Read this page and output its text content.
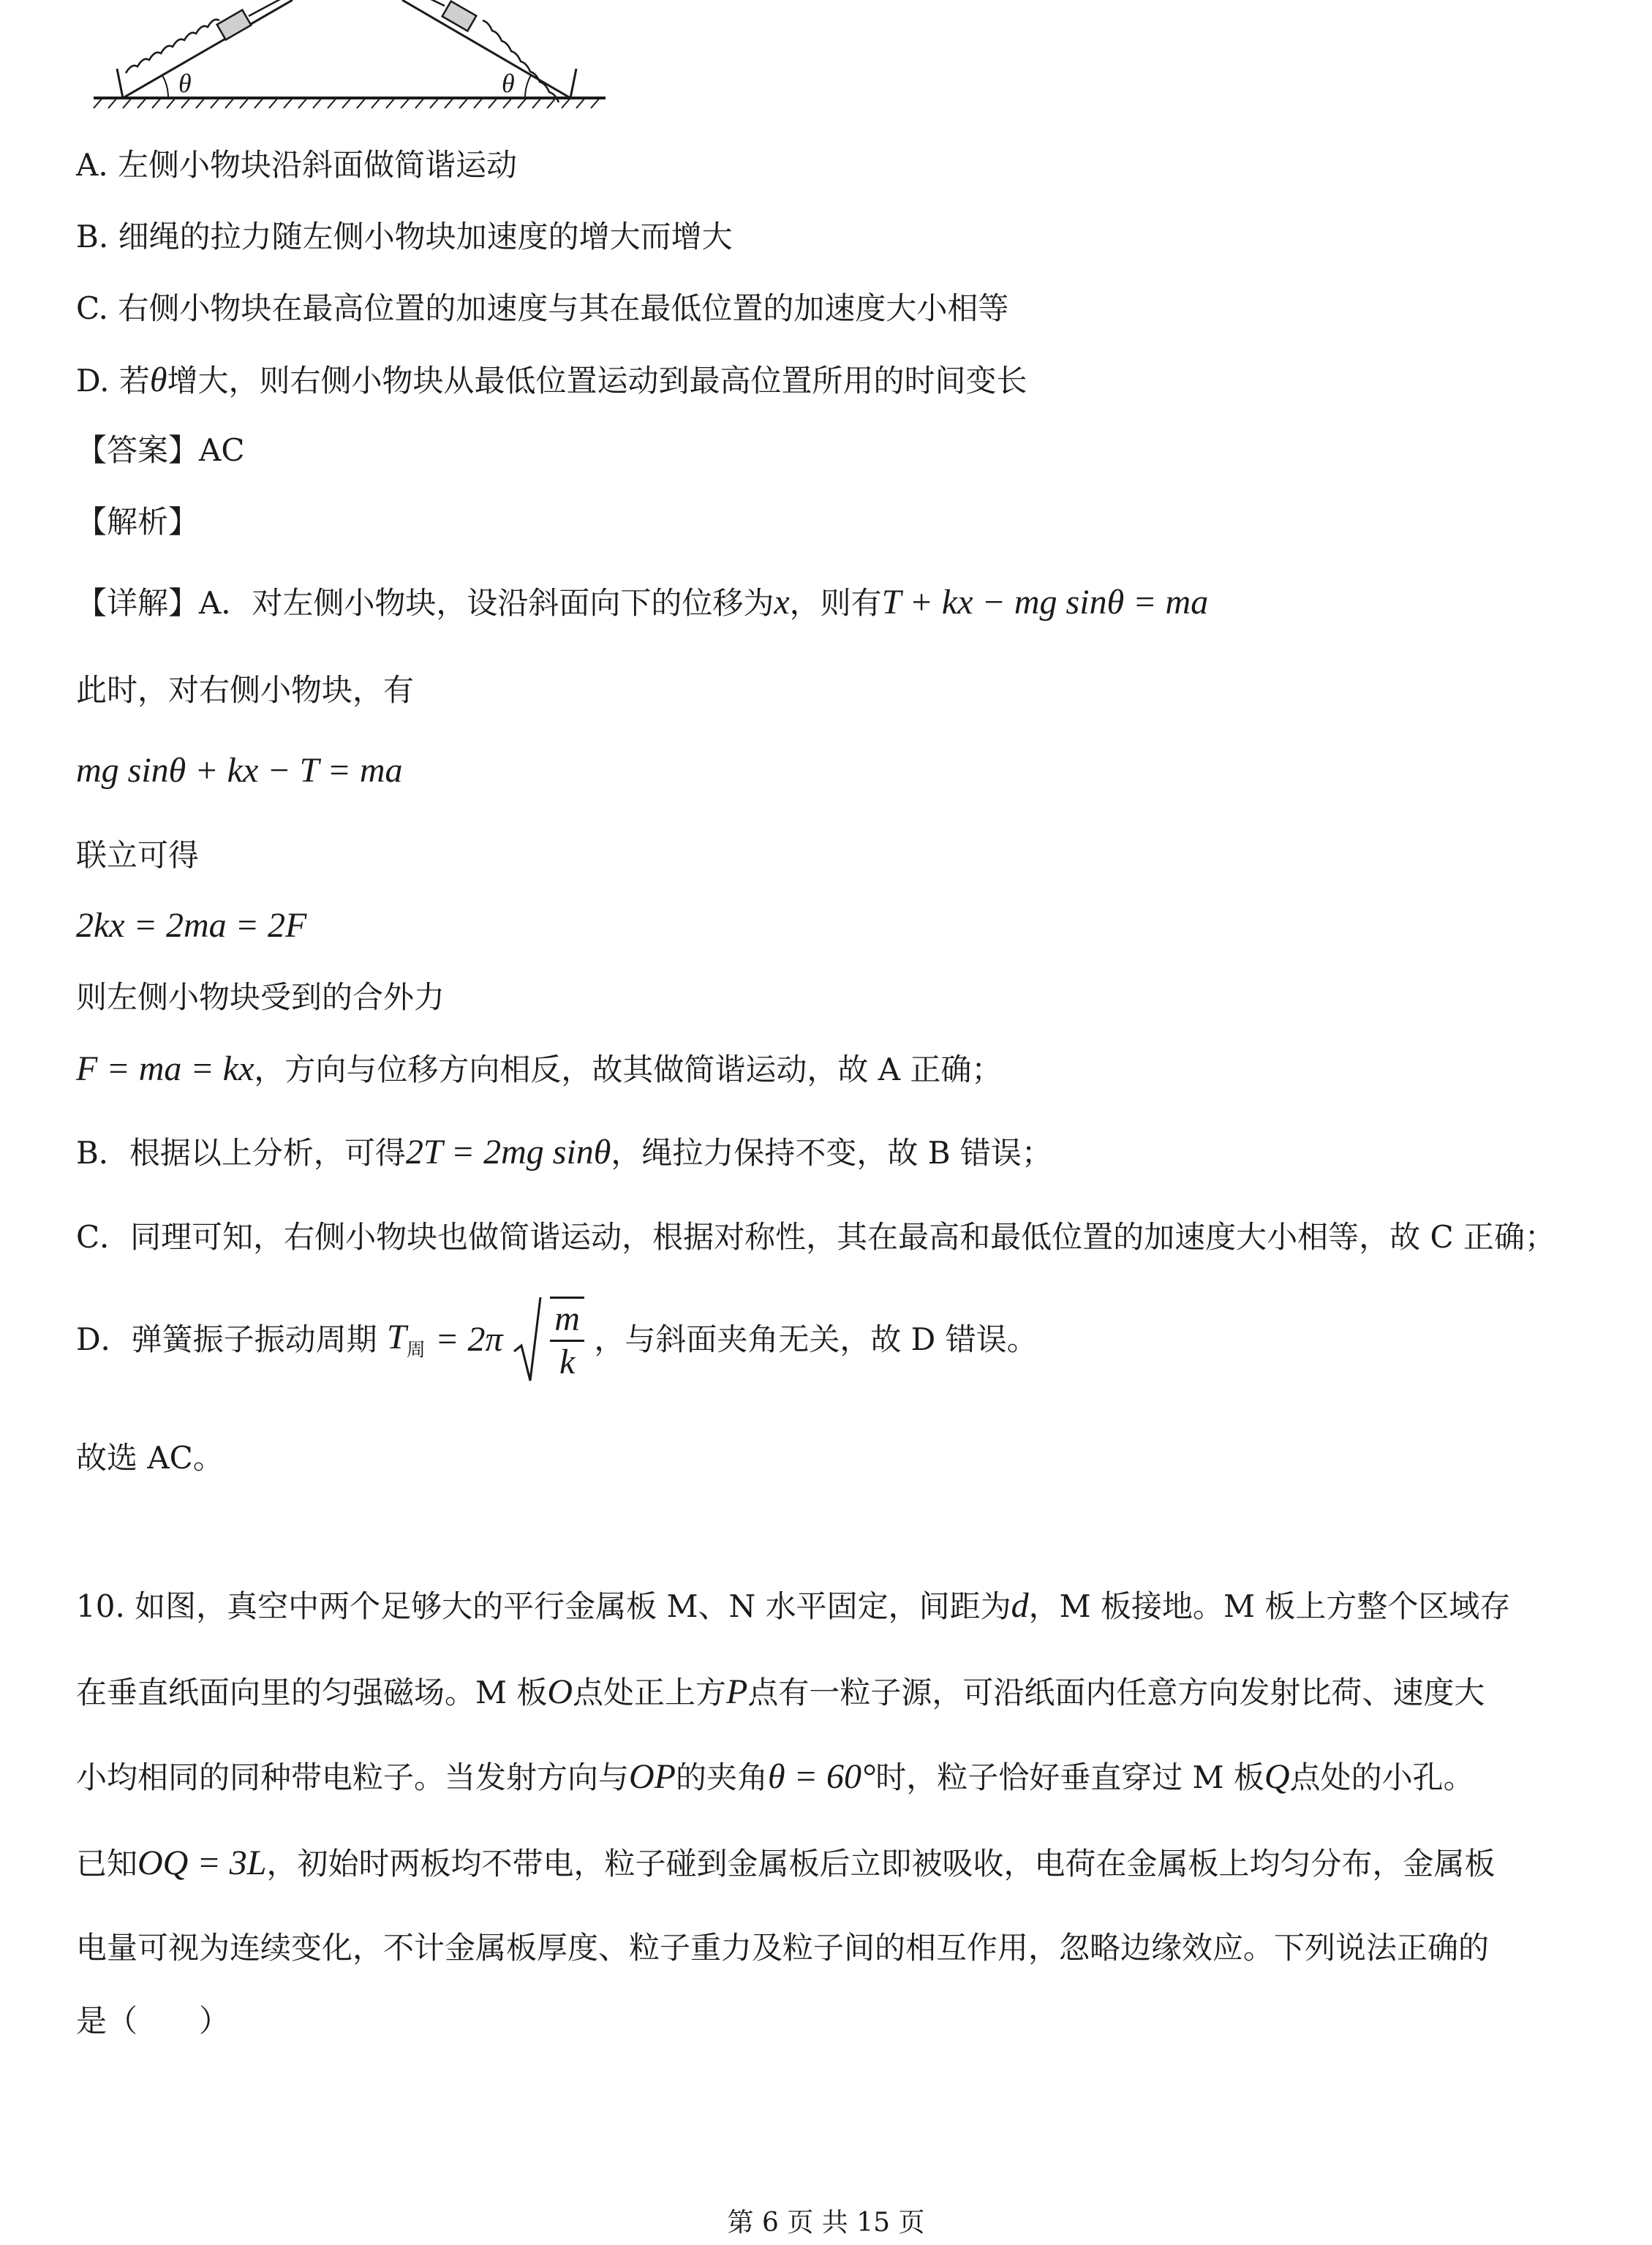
θ	θ

A. 左侧小物块沿斜面做简谐运动

B. 细绳的拉力随左侧小物块加速度的增大而增大

C. 右侧小物块在最高位置的加速度与其在最低位置的加速度大小相等

D. 若θ增大，则右侧小物块从最低位置运动到最高位置所用的时间变长

【答案】AC

【解析】

【详解】A．对左侧小物块，设沿斜面向下的位移为x，则有T + kx − mg sinθ = ma

此时，对右侧小物块，有

mg sinθ + kx − T = ma

联立可得

2kx = 2ma = 2F

则左侧小物块受到的合外力

F = ma = kx，方向与位移方向相反，故其做简谐运动，故 A 正确；

B．根据以上分析，可得2T = 2mg sinθ，绳拉力保持不变，故 B 错误；

C．同理可知，右侧小物块也做简谐运动，根据对称性，其在最高和最低位置的加速度大小相等，故 C 正确；

D．弹簧振子振动周期 $T_周 = 2\pi \frac{m}{k}$ ，与斜面夹角无关，故 D 错误。

故选 AC。

10. 如图，真空中两个足够大的平行金属板 M、N 水平固定，间距为d，M 板接地。M 板上方整个区域存

在垂直纸面向里的匀强磁场。M 板O点处正上方P点有一粒子源，可沿纸面内任意方向发射比荷、速度大

小均相同的同种带电粒子。当发射方向与OP的夹角θ = 60°时，粒子恰好垂直穿过 M 板Q点处的小孔。

已知OQ = 3L，初始时两板均不带电，粒子碰到金属板后立即被吸收，电荷在金属板上均匀分布，金属板

电量可视为连续变化，不计金属板厚度、粒子重力及粒子间的相互作用，忽略边缘效应。下列说法正确的

是（　　）

第 6 页 共 15 页
